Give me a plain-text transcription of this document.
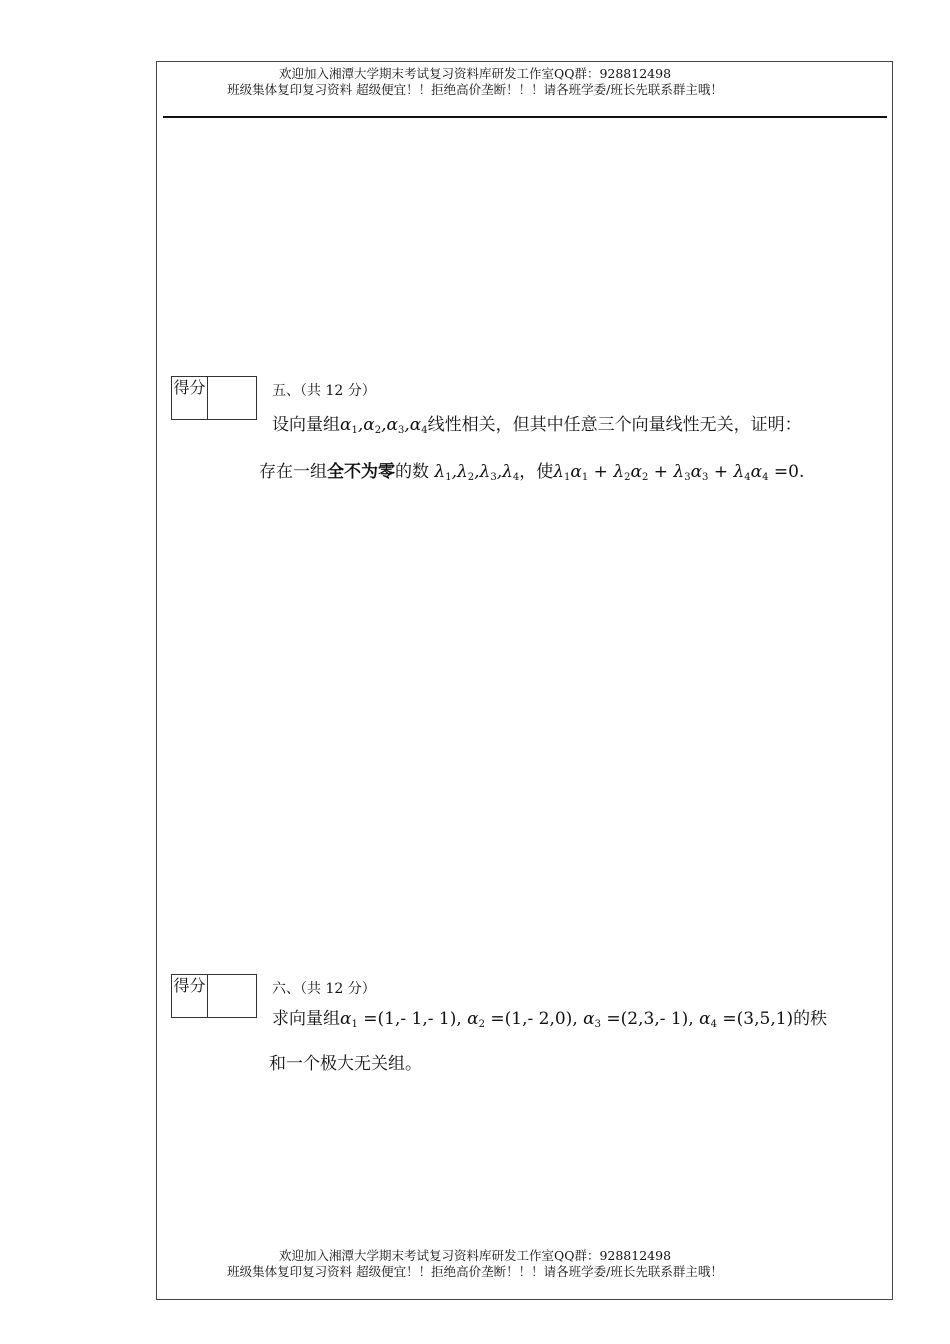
欢迎加入湘潭大学期末考试复习资料库研发工作室QQ群：928812498
班级集体复印复习资料 超级便宜！！拒绝高价垄断！！！请各班学委/班长先联系群主哦！
得分	五、（共 12 分）
设向量组$\alpha_1,\alpha_2,\alpha_3,\alpha_4$线性相关，但其中任意三个向量线性无关，证明：
存在一组全不为零的数 $\lambda_1,\lambda_2,\lambda_3,\lambda_4$，使$\lambda_1\alpha_1 + \lambda_2\alpha_2 + \lambda_3\alpha_3 + \lambda_4\alpha_4 =0$.
得分	六、（共 12 分）
求向量组$\alpha_1 =(1,-$ 1,- 1), $\alpha_2 =(1,-$ 2,0), $\alpha_3 =(2,3,-$ 1), $\alpha_4 =(3,5,1)$的秩
和一个极大无关组。
欢迎加入湘潭大学期末考试复习资料库研发工作室QQ群：928812498
班级集体复印复习资料 超级便宜！！拒绝高价垄断！！！请各班学委/班长先联系群主哦！
